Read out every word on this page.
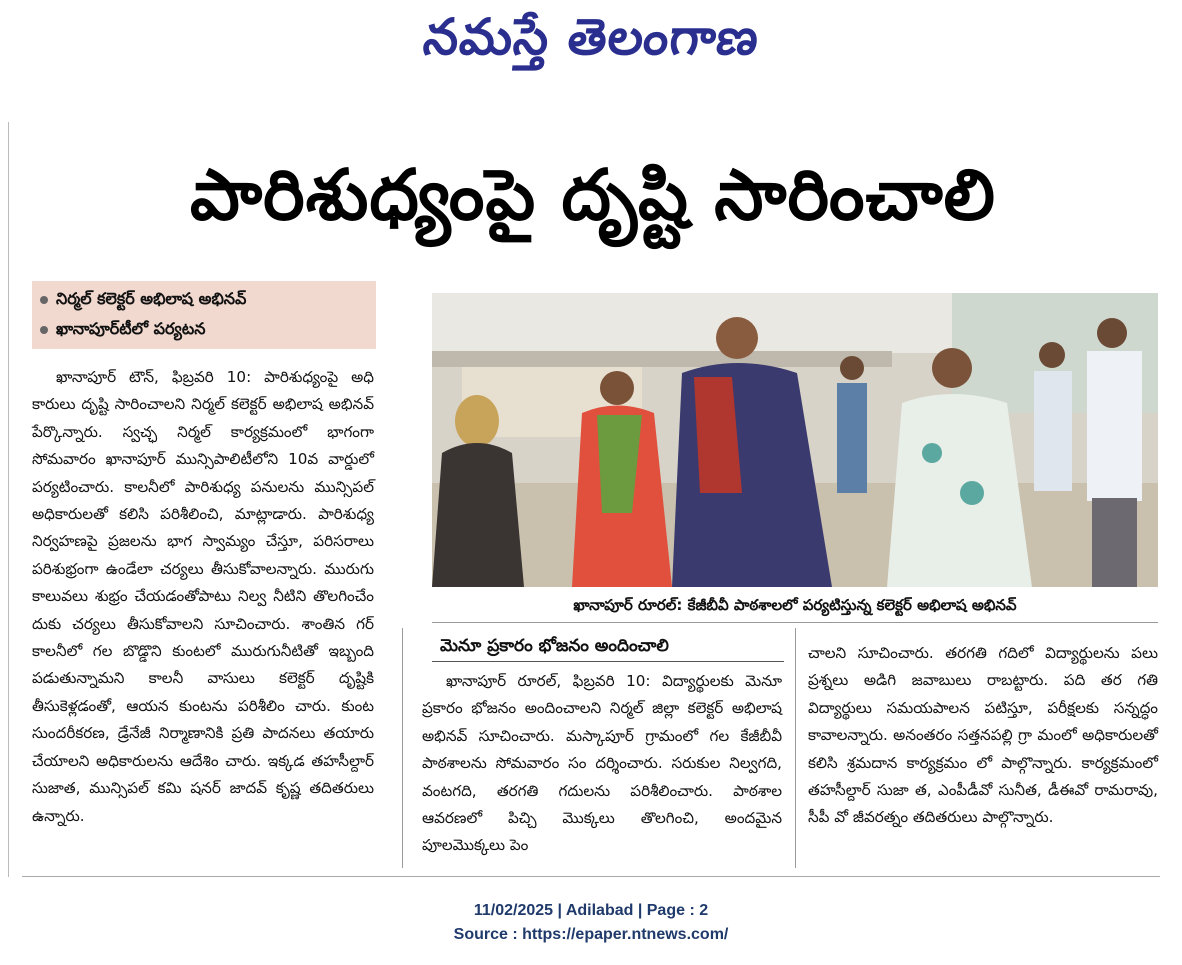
నమస్తే తెలంగాణ
పారిశుధ్యంపై దృష్టి సారించాలి
నిర్మల్ కలెక్టర్ అభిలాష అభినవ్
ఖానాపూర్‌టీలో పర్యటన

ఖానాపూర్ టౌన్, ఫిబ్రవరి 10: పారిశుధ్యంపై అధి కారులు దృష్టి సారించాలని నిర్మల్ కలెక్టర్ అభిలాష అభినవ్ పేర్కొన్నారు. స్వచ్ఛ నిర్మల్ కార్యక్రమంలో భాగంగా సోమవారం ఖానాపూర్ మున్సిపాలిటీలోని 10వ వార్డులో పర్యటించారు. కాలనీలో పారిశుధ్య పనులను మున్సిపల్ అధికారులతో కలిసి పరిశీలించి, మాట్లాడారు. పారిశుధ్య నిర్వహణపై ప్రజలను భాగ స్వామ్యం చేస్తూ, పరిసరాలు పరిశుభ్రంగా ఉండేలా చర్యలు తీసుకోవాలన్నారు. మురుగు కాలువలు శుభ్రం చేయడంతోపాటు నిల్వ నీటిని తొలగించేం దుకు చర్యలు తీసుకోవాలని సూచించారు. శాంతిన గర్ కాలనీలో గల బొడ్డొని కుంటలో మురుగునీటితో ఇబ్బంది పడుతున్నామని కాలనీ వాసులు కలెక్టర్ దృష్టికి తీసుకెళ్లడంతో, ఆయన కుంటను పరిశీలిం చారు. కుంట సుందరీకరణ, డ్రేనేజీ నిర్మాణానికి ప్రతి పాదనలు తయారు చేయాలని అధికారులను ఆదేశిం చారు. ఇక్కడ తహసీల్దార్ సుజాత, మున్సిపల్ కమి షనర్ జాదవ్ కృష్ణ తదితరులు ఉన్నారు.

ఖానాపూర్ రూరల్: కేజీబీవీ పాఠశాలలో పర్యటిస్తున్న కలెక్టర్ అభిలాష అభినవ్
మెనూ ప్రకారం భోజనం అందించాలి

ఖానాపూర్ రూరల్, ఫిబ్రవరి 10: విద్యార్థులకు మెనూ ప్రకారం భోజనం అందించాలని నిర్మల్ జిల్లా కలెక్టర్ అభిలాష అభినవ్ సూచించారు. మస్కాపూర్ గ్రామంలో గల కేజీబీవీ పాఠశాలను సోమవారం సం దర్శించారు. సరుకుల నిల్వగది, వంటగది, తరగతి గదులను పరిశీలించారు. పాఠశాల ఆవరణలో పిచ్చి మొక్కలు తొలగించి, అందమైన పూలమొక్కలు పెం

చాలని సూచించారు. తరగతి గదిలో విద్యార్థులను పలు ప్రశ్నలు అడిగి జవాబులు రాబట్టారు. పది తర గతి విద్యార్థులు సమయపాలన పటిస్తూ, పరీక్షలకు సన్నద్ధం కావాలన్నారు. అనంతరం సత్తనపల్లి గ్రా మంలో అధికారులతో కలిసి శ్రమదాన కార్యక్రమం లో పాల్గొన్నారు. కార్యక్రమంలో తహసీల్దార్ సుజా త, ఎంపీడీవో సునీత, డీఈవో రామరావు, సీపీ వో జీవరత్నం తదితరులు పాల్గొన్నారు.

11/02/2025 | Adilabad | Page : 2
Source : https://epaper.ntnews.com/
